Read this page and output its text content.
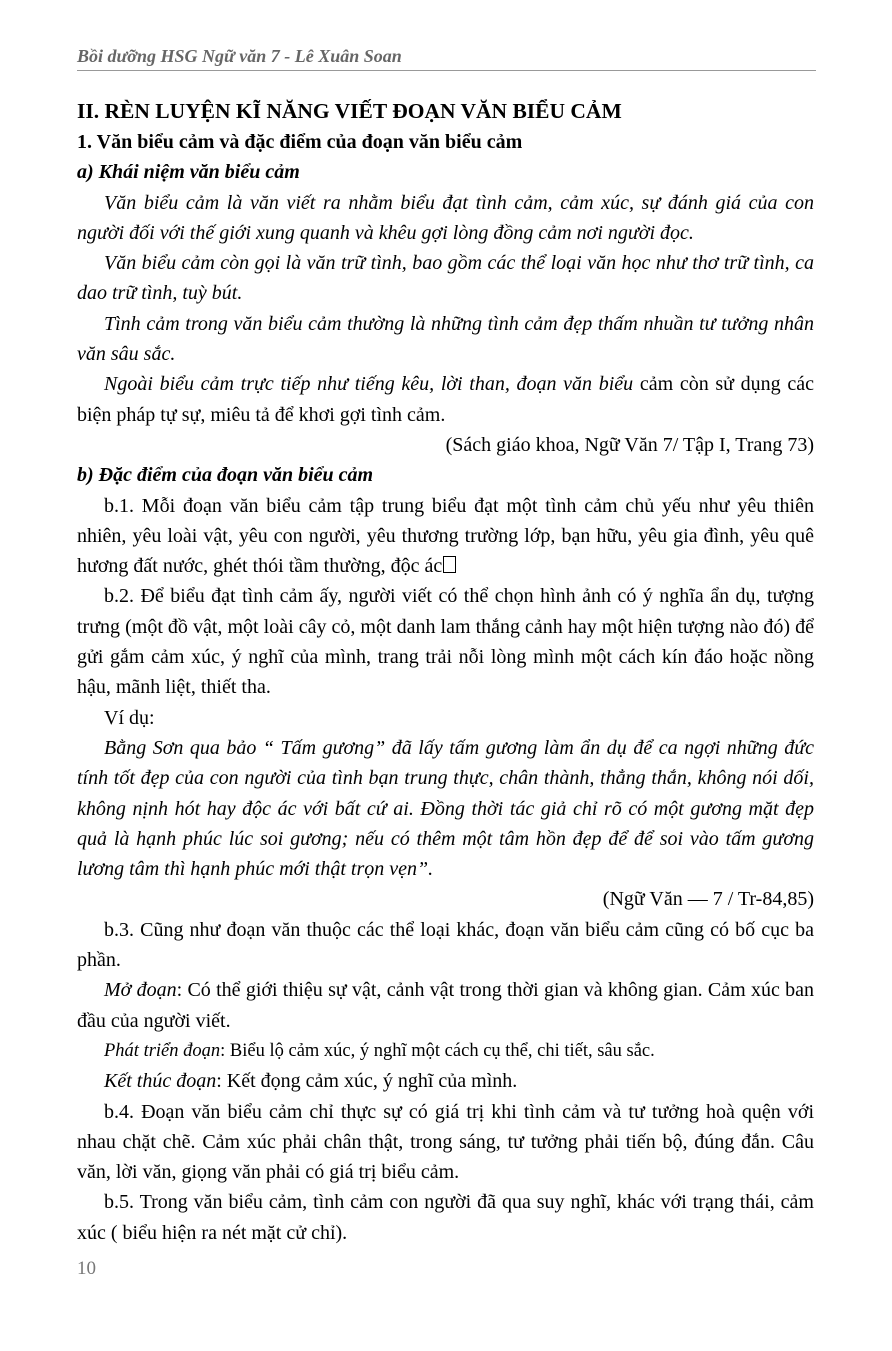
Bồi dưỡng HSG Ngữ văn 7 - Lê Xuân Soan
II. RÈN LUYỆN KĨ NĂNG VIẾT ĐOẠN VĂN BIỂU CẢM
1. Văn biểu cảm và đặc điểm của đoạn văn biểu cảm
a) Khái niệm văn biểu cảm

Văn biểu cảm là văn viết ra nhằm biểu đạt tình cảm, cảm xúc, sự đánh giá của con người đối với thế giới xung quanh và khêu gợi lòng đồng cảm nơi người đọc.

Văn biểu cảm còn gọi là văn trữ tình, bao gồm các thể loại văn học như thơ trữ tình, ca dao trữ tình, tuỳ bút.

Tình cảm trong văn biểu cảm thường là những tình cảm đẹp thấm nhuần tư tưởng nhân văn sâu sắc.

Ngoài biểu cảm trực tiếp như tiếng kêu, lời than, đoạn văn biểu cảm còn sử dụng các biện pháp tự sự, miêu tả để khơi gợi tình cảm.

(Sách giáo khoa, Ngữ Văn 7/ Tập I, Trang 73)
b) Đặc điểm của đoạn văn biểu cảm

b.1. Mỗi đoạn văn biểu cảm tập trung biểu đạt một tình cảm chủ yếu như yêu thiên nhiên, yêu loài vật, yêu con người, yêu thương trường lớp, bạn hữu, yêu gia đình, yêu quê hương đất nước, ghét thói tầm thường, độc ác

b.2. Để biểu đạt tình cảm ấy, người viết có thể chọn hình ảnh có ý nghĩa ẩn dụ, tượng trưng (một đồ vật, một loài cây cỏ, một danh lam thắng cảnh hay một hiện tượng nào đó) để gửi gắm cảm xúc, ý nghĩ của mình, trang trải nỗi lòng mình một cách kín đáo hoặc nồng hậu, mãnh liệt, thiết tha.

Ví dụ:

Bằng Sơn qua bảo “ Tấm gương” đã lấy tấm gương làm ẩn dụ để ca ngợi những đức tính tốt đẹp của con người của tình bạn trung thực, chân thành, thẳng thắn, không nói dối, không nịnh hót hay độc ác với bất cứ ai. Đồng thời tác giả chỉ rõ có một gương mặt đẹp quả là hạnh phúc lúc soi gương; nếu có thêm một tâm hồn đẹp để để soi vào tấm gương lương tâm thì hạnh phúc mới thật trọn vẹn”.

(Ngữ Văn — 7 / Tr-84,85)

b.3. Cũng như đoạn văn thuộc các thể loại khác, đoạn văn biểu cảm cũng có bố cục ba phần.

Mở đoạn: Có thể giới thiệu sự vật, cảnh vật trong thời gian và không gian. Cảm xúc ban đầu của người viết.

Phát triển đoạn: Biểu lộ cảm xúc, ý nghĩ một cách cụ thể, chi tiết, sâu sắc.

Kết thúc đoạn: Kết đọng cảm xúc, ý nghĩ của mình.

b.4. Đoạn văn biểu cảm chỉ thực sự có giá trị khi tình cảm và tư tưởng hoà quện với nhau chặt chẽ. Cảm xúc phải chân thật, trong sáng, tư tưởng phải tiến bộ, đúng đắn. Câu văn, lời văn, giọng văn phải có giá trị biểu cảm.

b.5. Trong văn biểu cảm, tình cảm con người đã qua suy nghĩ, khác với trạng thái, cảm xúc ( biểu hiện ra nét mặt cử chỉ).

10
